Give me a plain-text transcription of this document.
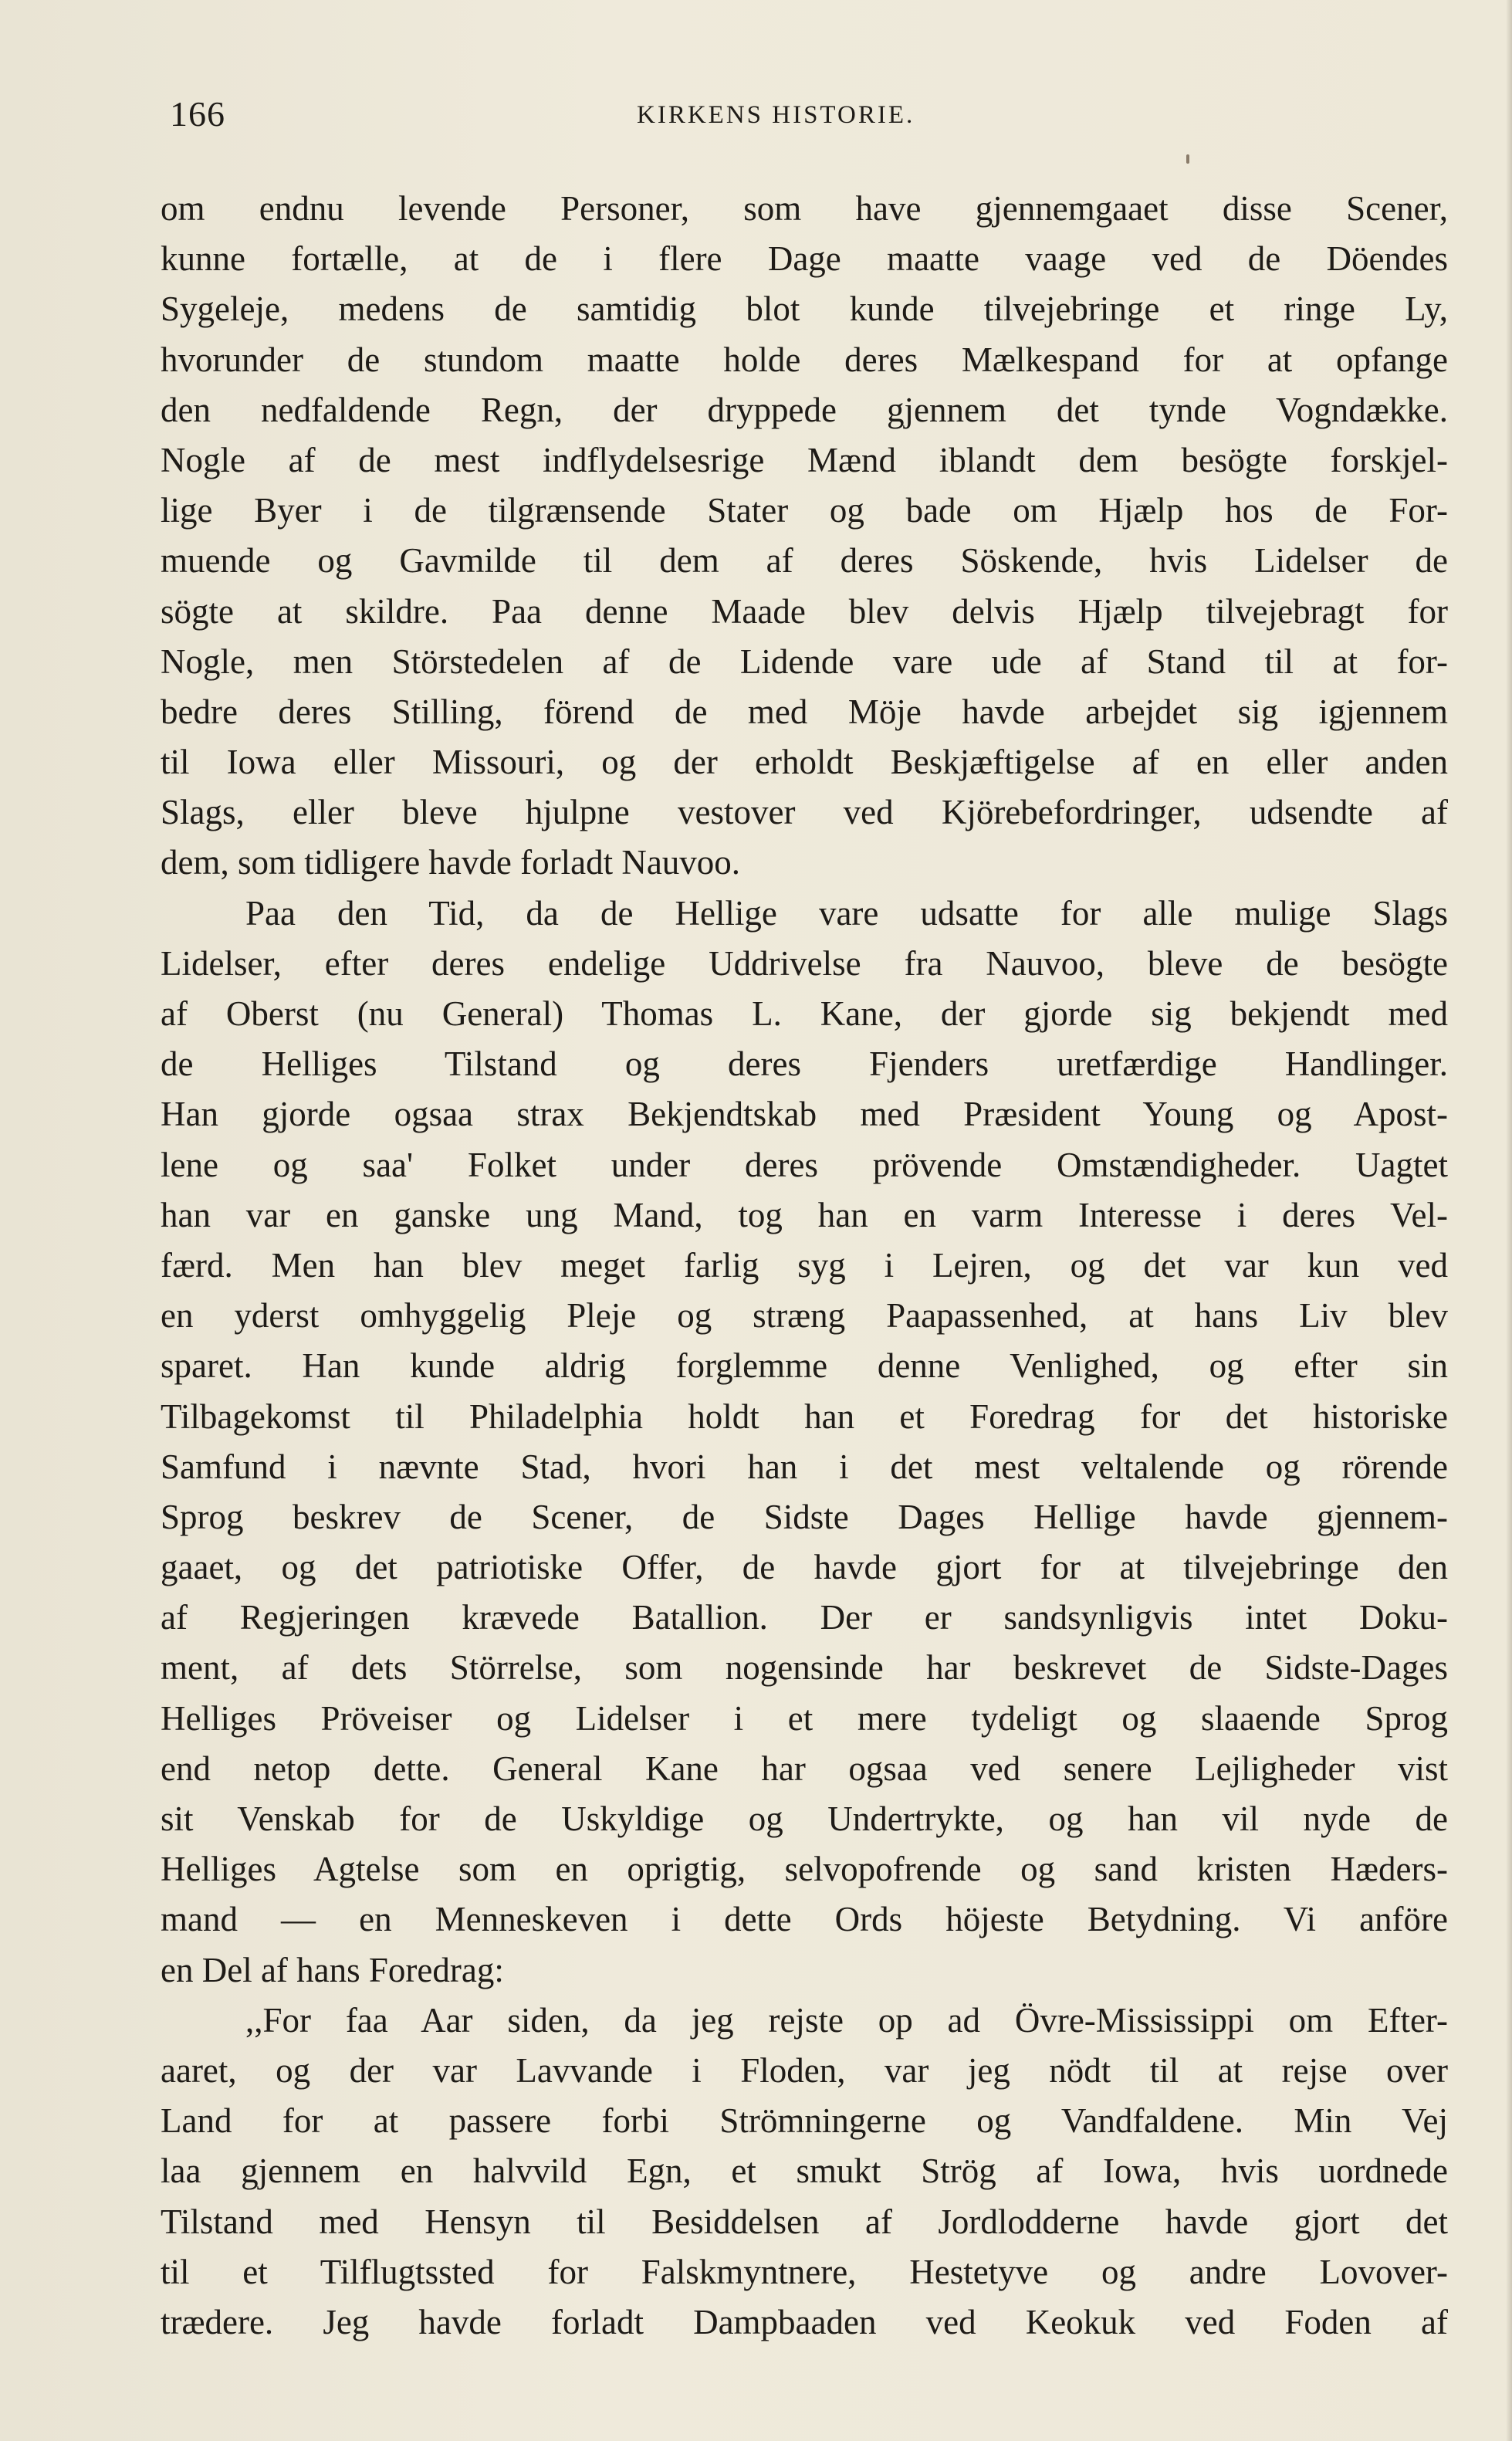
166	KIRKENS HISTORIE.
om endnu levende Personer, som have gjennemgaaet disse Scener,
kunne fortælle, at de i flere Dage maatte vaage ved de Döendes
Sygeleje, medens de samtidig blot kunde tilvejebringe et ringe Ly,
hvorunder de stundom maatte holde deres Mælkespand for at opfange
den nedfaldende Regn, der dryppede gjennem det tynde Vogndække.
Nogle af de mest indflydelsesrige Mænd iblandt dem besögte forskjel-
lige Byer i de tilgrænsende Stater og bade om Hjælp hos de For-
muende og Gavmilde til dem af deres Söskende, hvis Lidelser de
sögte at skildre. Paa denne Maade blev delvis Hjælp tilvejebragt for
Nogle, men Störstedelen af de Lidende vare ude af Stand til at for-
bedre deres Stilling, förend de med Möje havde arbejdet sig igjennem
til Iowa eller Missouri, og der erholdt Beskjæftigelse af en eller anden
Slags, eller bleve hjulpne vestover ved Kjörebefordringer, udsendte af
dem, som tidligere havde forladt Nauvoo.
Paa den Tid, da de Hellige vare udsatte for alle mulige Slags
Lidelser, efter deres endelige Uddrivelse fra Nauvoo, bleve de besögte
af Oberst (nu General) Thomas L. Kane, der gjorde sig bekjendt med
de Helliges Tilstand og deres Fjenders uretfærdige Handlinger.
Han gjorde ogsaa strax Bekjendtskab med Præsident Young og Apost-
lene og saa' Folket under deres prövende Omstændigheder. Uagtet
han var en ganske ung Mand, tog han en varm Interesse i deres Vel-
færd. Men han blev meget farlig syg i Lejren, og det var kun ved
en yderst omhyggelig Pleje og stræng Paapassenhed, at hans Liv blev
sparet. Han kunde aldrig forglemme denne Venlighed, og efter sin
Tilbagekomst til Philadelphia holdt han et Foredrag for det historiske
Samfund i nævnte Stad, hvori han i det mest veltalende og rörende
Sprog beskrev de Scener, de Sidste Dages Hellige havde gjennem-
gaaet, og det patriotiske Offer, de havde gjort for at tilvejebringe den
af Regjeringen krævede Batallion. Der er sandsynligvis intet Doku-
ment, af dets Störrelse, som nogensinde har beskrevet de Sidste-Dages
Helliges Pröveiser og Lidelser i et mere tydeligt og slaaende Sprog
end netop dette. General Kane har ogsaa ved senere Lejligheder vist
sit Venskab for de Uskyldige og Undertrykte, og han vil nyde de
Helliges Agtelse som en oprigtig, selvopofrende og sand kristen Hæders-
mand — en Menneskeven i dette Ords höjeste Betydning. Vi anföre
en Del af hans Foredrag:
,,For faa Aar siden, da jeg rejste op ad Övre-Mississippi om Efter-
aaret, og der var Lavvande i Floden, var jeg nödt til at rejse over
Land for at passere forbi Strömningerne og Vandfaldene. Min Vej
laa gjennem en halvvild Egn, et smukt Strög af Iowa, hvis uordnede
Tilstand med Hensyn til Besiddelsen af Jordlodderne havde gjort det
til et Tilflugtssted for Falskmyntnere, Hestetyve og andre Lovover-
trædere. Jeg havde forladt Dampbaaden ved Keokuk ved Foden af
